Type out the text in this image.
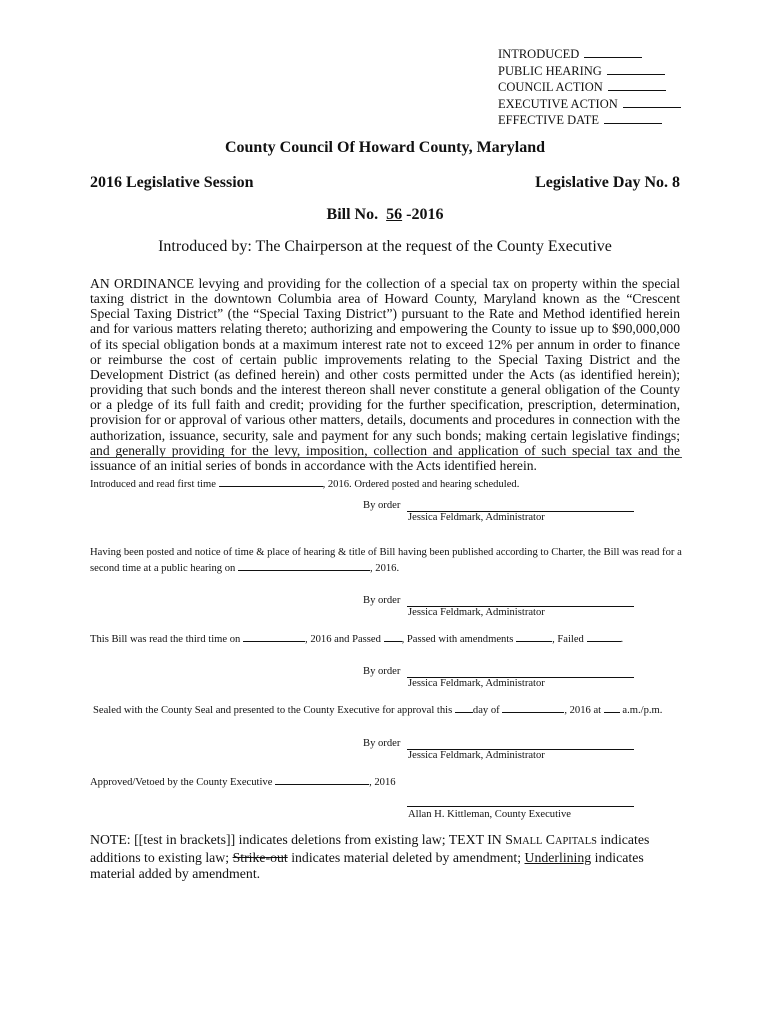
INTRODUCED
PUBLIC HEARING
COUNCIL ACTION
EXECUTIVE ACTION
EFFECTIVE DATE
County Council Of Howard County, Maryland
2016 Legislative Session	Legislative Day No. 8
Bill No. 56 -2016
Introduced by: The Chairperson at the request of the County Executive
AN ORDINANCE levying and providing for the collection of a special tax on property within the special taxing district in the downtown Columbia area of Howard County, Maryland known as the “Crescent Special Taxing District” (the “Special Taxing District”) pursuant to the Rate and Method identified herein and for various matters relating thereto; authorizing and empowering the County to issue up to $90,000,000 of its special obligation bonds at a maximum interest rate not to exceed 12% per annum in order to finance or reimburse the cost of certain public improvements relating to the Special Taxing District and the Development District (as defined herein) and other costs permitted under the Acts (as identified herein); providing that such bonds and the interest thereon shall never constitute a general obligation of the County or a pledge of its full faith and credit; providing for the further specification, prescription, determination, provision for or approval of various other matters, details, documents and procedures in connection with the authorization, issuance, security, sale and payment for any such bonds; making certain legislative findings; and generally providing for the levy, imposition, collection and application of such special tax and the issuance of an initial series of bonds in accordance with the Acts identified herein.
Introduced and read first time	, 2016. Ordered posted and hearing scheduled.
By order
Jessica Feldmark, Administrator
Having been posted and notice of time & place of hearing & title of Bill having been published according to Charter, the Bill was read for a
second time at a public hearing on	, 2016.
By order
Jessica Feldmark, Administrator
This Bill was read the third time on	, 2016 and Passed , Passed with amendments	, Failed	.
By order
Jessica Feldmark, Administrator
Sealed with the County Seal and presented to the County Executive for approval this day of	, 2016 at a.m./p.m.
By order
Jessica Feldmark, Administrator
Approved/Vetoed by the County Executive	, 2016
Allan H. Kittleman, County Executive
NOTE: [[test in brackets]] indicates deletions from existing law; TEXT IN SMALL CAPITALS indicates additions to existing law; Strike-out indicates material deleted by amendment; Underlining indicates material added by amendment.
